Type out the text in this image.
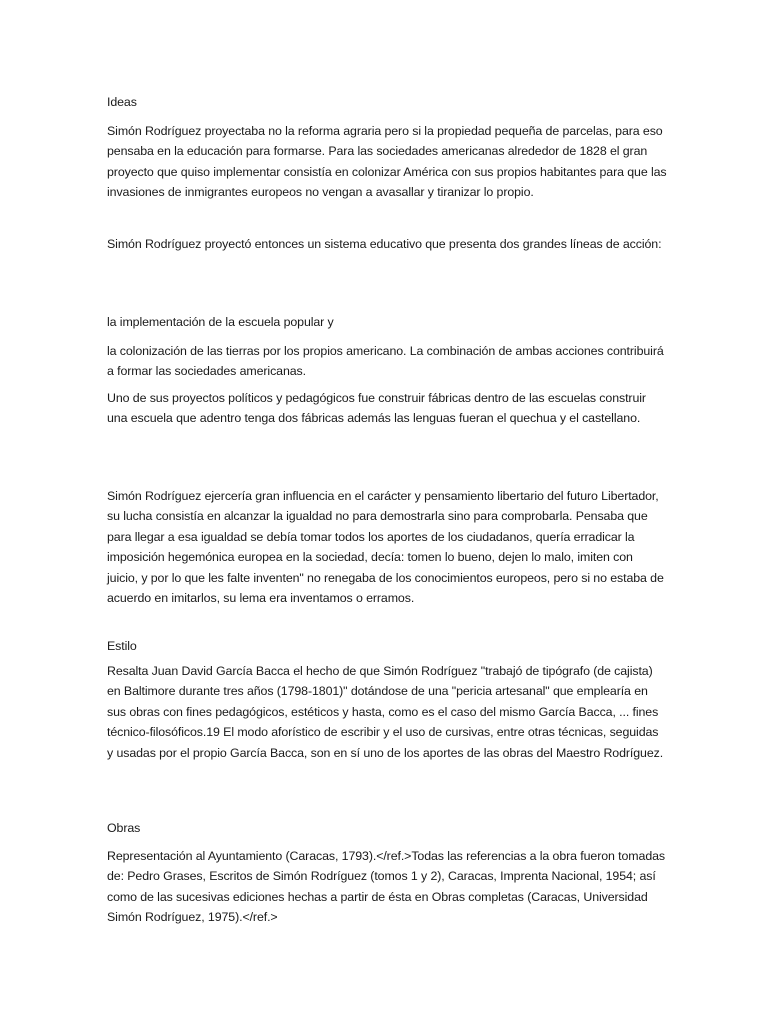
Ideas

Simón Rodríguez proyectaba no la reforma agraria pero si la propiedad pequeña de parcelas, para eso pensaba en la educación para formarse. Para las sociedades americanas alrededor de 1828 el gran proyecto que quiso implementar consistía en colonizar América con sus propios habitantes para que las invasiones de inmigrantes europeos no vengan a avasallar y tiranizar lo propio.

Simón Rodríguez proyectó entonces un sistema educativo que presenta dos grandes líneas de acción:

la implementación de la escuela popular y

la colonización de las tierras por los propios americano. La combinación de ambas acciones contribuirá a formar las sociedades americanas.

Uno de sus proyectos políticos y pedagógicos fue construir fábricas dentro de las escuelas construir una escuela que adentro tenga dos fábricas además las lenguas fueran el quechua y el castellano.

Simón Rodríguez ejercería gran influencia en el carácter y pensamiento libertario del futuro Libertador, su lucha consistía en alcanzar la igualdad no para demostrarla sino para comprobarla. Pensaba que para llegar a esa igualdad se debía tomar todos los aportes de los ciudadanos, quería erradicar la imposición hegemónica europea en la sociedad, decía: tomen lo bueno, dejen lo malo, imiten con juicio, y por lo que les falte inventen" no renegaba de los conocimientos europeos, pero si no estaba de acuerdo en imitarlos, su lema era inventamos o erramos.

Estilo

Resalta Juan David García Bacca el hecho de que Simón Rodríguez "trabajó de tipógrafo (de cajista) en Baltimore durante tres años (1798-1801)" dotándose de una "pericia artesanal" que emplearía en sus obras con fines pedagógicos, estéticos y hasta, como es el caso del mismo García Bacca, ... fines técnico-filosóficos.19 El modo aforístico de escribir y el uso de cursivas, entre otras técnicas, seguidas y usadas por el propio García Bacca, son en sí uno de los aportes de las obras del Maestro Rodríguez.

Obras

Representación al Ayuntamiento (Caracas, 1793).</ref.>Todas las referencias a la obra fueron tomadas de: Pedro Grases, Escritos de Simón Rodríguez (tomos 1 y 2), Caracas, Imprenta Nacional, 1954; así como de las sucesivas ediciones hechas a partir de ésta en Obras completas (Caracas, Universidad Simón Rodríguez, 1975).</ref.>
